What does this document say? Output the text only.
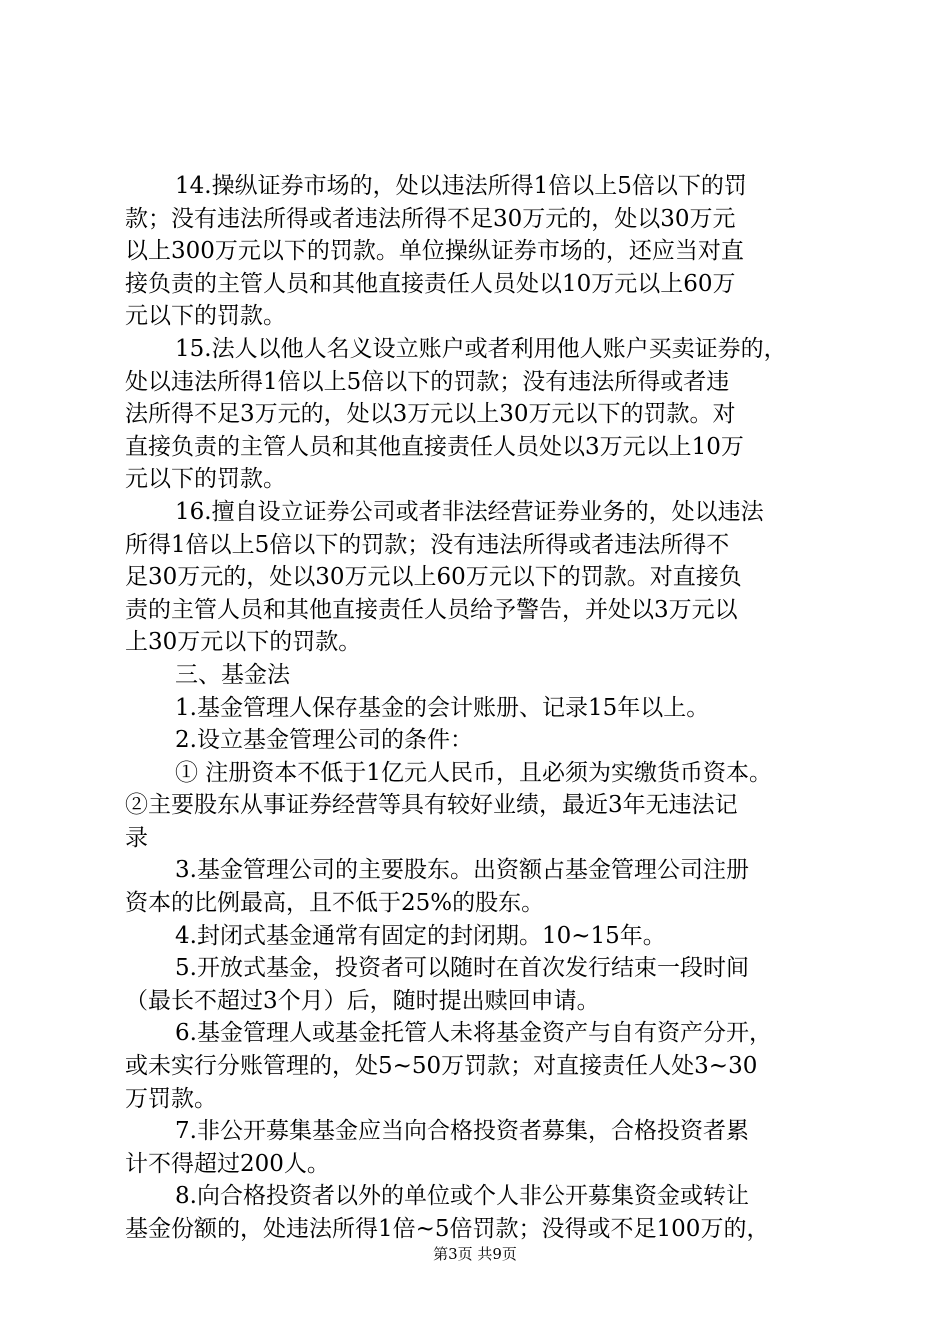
14.操纵证券市场的，处以违法所得1倍以上5倍以下的罚
款；没有违法所得或者违法所得不足30万元的，处以30万元
以上300万元以下的罚款。单位操纵证券市场的，还应当对直
接负责的主管人员和其他直接责任人员处以10万元以上60万
元以下的罚款。
15.法人以他人名义设立账户或者利用他人账户买卖证券的，
处以违法所得1倍以上5倍以下的罚款；没有违法所得或者违
法所得不足3万元的，处以3万元以上30万元以下的罚款。对
直接负责的主管人员和其他直接责任人员处以3万元以上10万
元以下的罚款。
16.擅自设立证券公司或者非法经营证券业务的，处以违法
所得1倍以上5倍以下的罚款；没有违法所得或者违法所得不
足30万元的，处以30万元以上60万元以下的罚款。对直接负
责的主管人员和其他直接责任人员给予警告，并处以3万元以
上30万元以下的罚款。
三、基金法
1.基金管理人保存基金的会计账册、记录15年以上。
2.设立基金管理公司的条件：
① 注册资本不低于1亿元人民币，且必须为实缴货币资本。
②主要股东从事证券经营等具有较好业绩，最近3年无违法记
录
3.基金管理公司的主要股东。出资额占基金管理公司注册
资本的比例最高，且不低于25%的股东。
4.封闭式基金通常有固定的封闭期。10~15年。
5.开放式基金，投资者可以随时在首次发行结束一段时间
（最长不超过3个月）后，随时提出赎回申请。
6.基金管理人或基金托管人未将基金资产与自有资产分开，
或未实行分账管理的，处5~50万罚款；对直接责任人处3~30
万罚款。
7.非公开募集基金应当向合格投资者募集，合格投资者累
计不得超过200人。
8.向合格投资者以外的单位或个人非公开募集资金或转让
基金份额的，处违法所得1倍~5倍罚款；没得或不足100万的，
第3页 共9页
